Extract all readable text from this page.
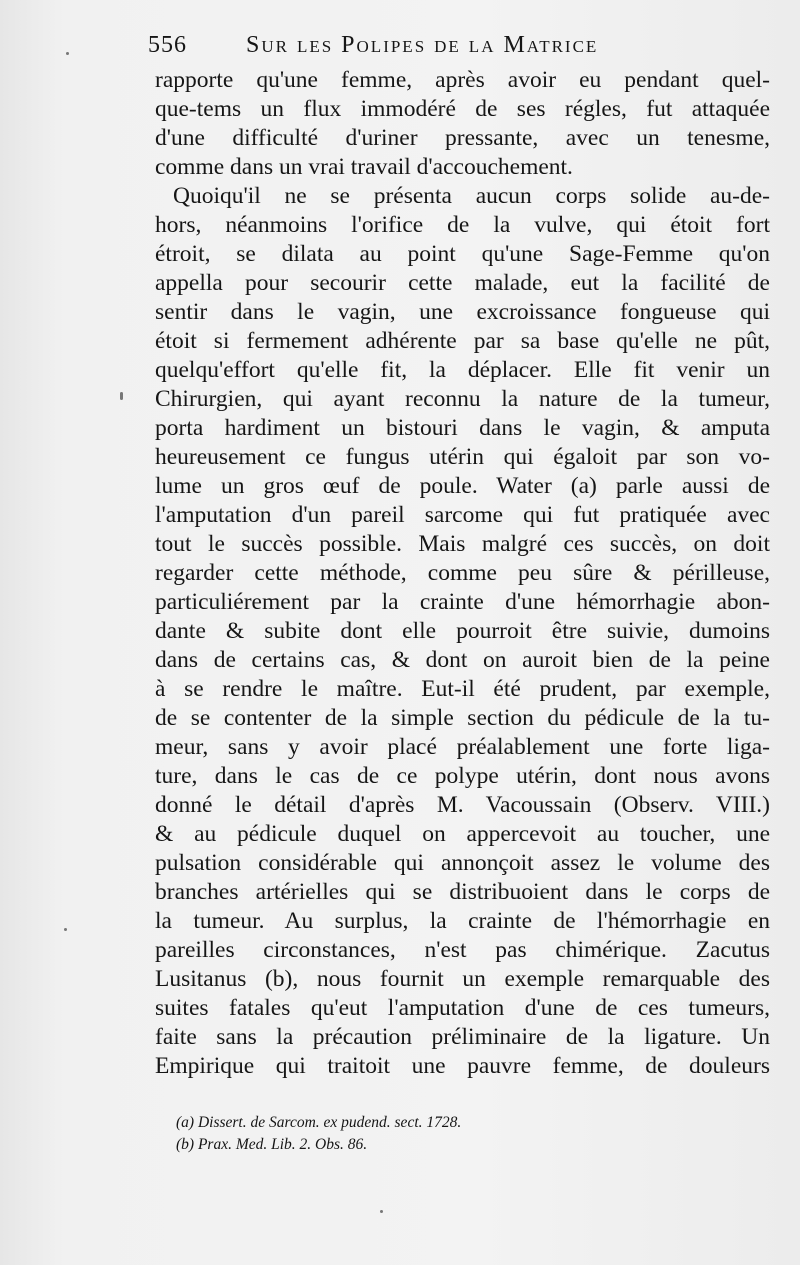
556 Sur les Polipes de la Matrice
rapporte qu'une femme, après avoir eu pendant quel-
que-tems un flux immodéré de ses régles, fut attaquée
d'une difficulté d'uriner pressante, avec un tenesme,
comme dans un vrai travail d'accouchement.
Quoiqu'il ne se présenta aucun corps solide au-de-
hors, néanmoins l'orifice de la vulve, qui étoit fort
étroit, se dilata au point qu'une Sage-Femme qu'on
appella pour secourir cette malade, eut la facilité de
sentir dans le vagin, une excroissance fongueuse qui
étoit si fermement adhérente par sa base qu'elle ne pût,
quelqu'effort qu'elle fit, la déplacer. Elle fit venir un
Chirurgien, qui ayant reconnu la nature de la tumeur,
porta hardiment un bistouri dans le vagin, & amputa
heureusement ce fungus utérin qui égaloit par son vo-
lume un gros œuf de poule. Water (a) parle aussi de
l'amputation d'un pareil sarcome qui fut pratiquée avec
tout le succès possible. Mais malgré ces succès, on doit
regarder cette méthode, comme peu sûre & périlleuse,
particuliérement par la crainte d'une hémorrhagie abon-
dante & subite dont elle pourroit être suivie, dumoins
dans de certains cas, & dont on auroit bien de la peine
à se rendre le maître. Eut-il été prudent, par exemple,
de se contenter de la simple section du pédicule de la tu-
meur, sans y avoir placé préalablement une forte liga-
ture, dans le cas de ce polype utérin, dont nous avons
donné le détail d'après M. Vacoussain (Observ. VIII.)
& au pédicule duquel on appercevoit au toucher, une
pulsation considérable qui annonçoit assez le volume des
branches artérielles qui se distribuoient dans le corps de
la tumeur. Au surplus, la crainte de l'hémorrhagie en
pareilles circonstances, n'est pas chimérique. Zacutus
Lusitanus (b), nous fournit un exemple remarquable des
suites fatales qu'eut l'amputation d'une de ces tumeurs,
faite sans la précaution préliminaire de la ligature. Un
Empirique qui traitoit une pauvre femme, de douleurs
(a) Dissert. de Sarcom. ex pudend. sect. 1728.
(b) Prax. Med. Lib. 2. Obs. 86.
